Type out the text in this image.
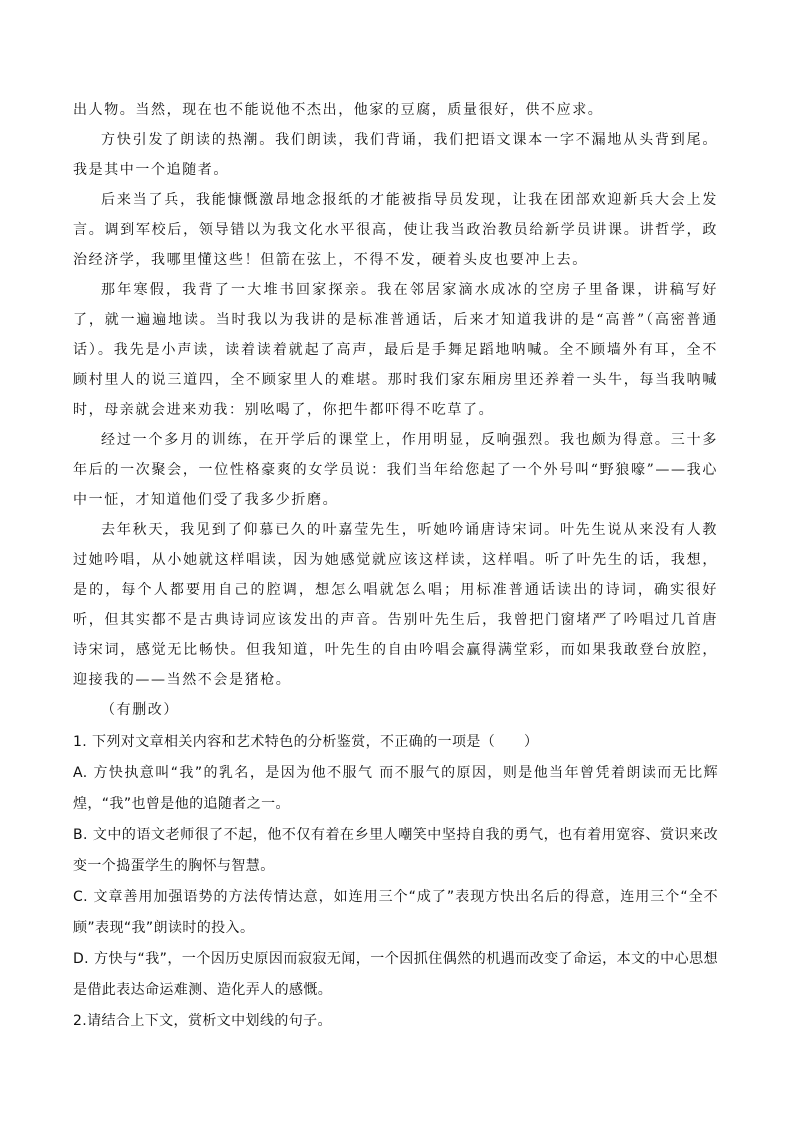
出人物。当然，现在也不能说他不杰出，他家的豆腐，质量很好，供不应求。

方快引发了朗读的热潮。我们朗读，我们背诵，我们把语文课本一字不漏地从头背到尾。我是其中一个追随者。

后来当了兵，我能慷慨激昂地念报纸的才能被指导员发现，让我在团部欢迎新兵大会上发言。调到军校后，领导错以为我文化水平很高，使让我当政治教员给新学员讲课。讲哲学，政治经济学，我哪里懂这些！但箭在弦上，不得不发，硬着头皮也要冲上去。

那年寒假，我背了一大堆书回家探亲。我在邻居家滴水成冰的空房子里备课，讲稿写好了，就一遍遍地读。当时我以为我讲的是标准普通话，后来才知道我讲的是“高普”（高密普通话）。我先是小声读，读着读着就起了高声，最后是手舞足蹈地呐喊。全不顾墙外有耳，全不顾村里人的说三道四，全不顾家里人的难堪。那时我们家东厢房里还养着一头牛，每当我呐喊时，母亲就会进来劝我：别吆喝了，你把牛都吓得不吃草了。

经过一个多月的训练，在开学后的课堂上，作用明显，反响强烈。我也颇为得意。三十多年后的一次聚会，一位性格豪爽的女学员说：我们当年给您起了一个外号叫“野狼嚎”——我心中一怔，才知道他们受了我多少折磨。

去年秋天，我见到了仰慕已久的叶嘉莹先生，听她吟诵唐诗宋词。叶先生说从来没有人教过她吟唱，从小她就这样唱读，因为她感觉就应该这样读，这样唱。听了叶先生的话，我想，是的，每个人都要用自己的腔调，想怎么唱就怎么唱；用标准普通话读出的诗词，确实很好听，但其实都不是古典诗词应该发出的声音。告别叶先生后，我曾把门窗堵严了吟唱过几首唐诗宋词，感觉无比畅快。但我知道，叶先生的自由吟唱会赢得满堂彩，而如果我敢登台放腔，迎接我的——当然不会是猪枪。

（有删改）

1. 下列对文章相关内容和艺术特色的分析鉴赏，不正确的一项是（　　）

A. 方快执意叫“我”的乳名，是因为他不服气 而不服气的原因，则是他当年曾凭着朗读而无比辉煌，“我”也曾是他的追随者之一。

B. 文中的语文老师很了不起，他不仅有着在乡里人嘲笑中坚持自我的勇气，也有着用宽容、赏识来改变一个捣蛋学生的胸怀与智慧。

C. 文章善用加强语势的方法传情达意，如连用三个“成了”表现方快出名后的得意，连用三个“全不顾”表现“我”朗读时的投入。

D. 方快与“我”，一个因历史原因而寂寂无闻，一个因抓住偶然的机遇而改变了命运，本文的中心思想是借此表达命运难测、造化弄人的感慨。

2.请结合上下文，赏析文中划线的句子。
